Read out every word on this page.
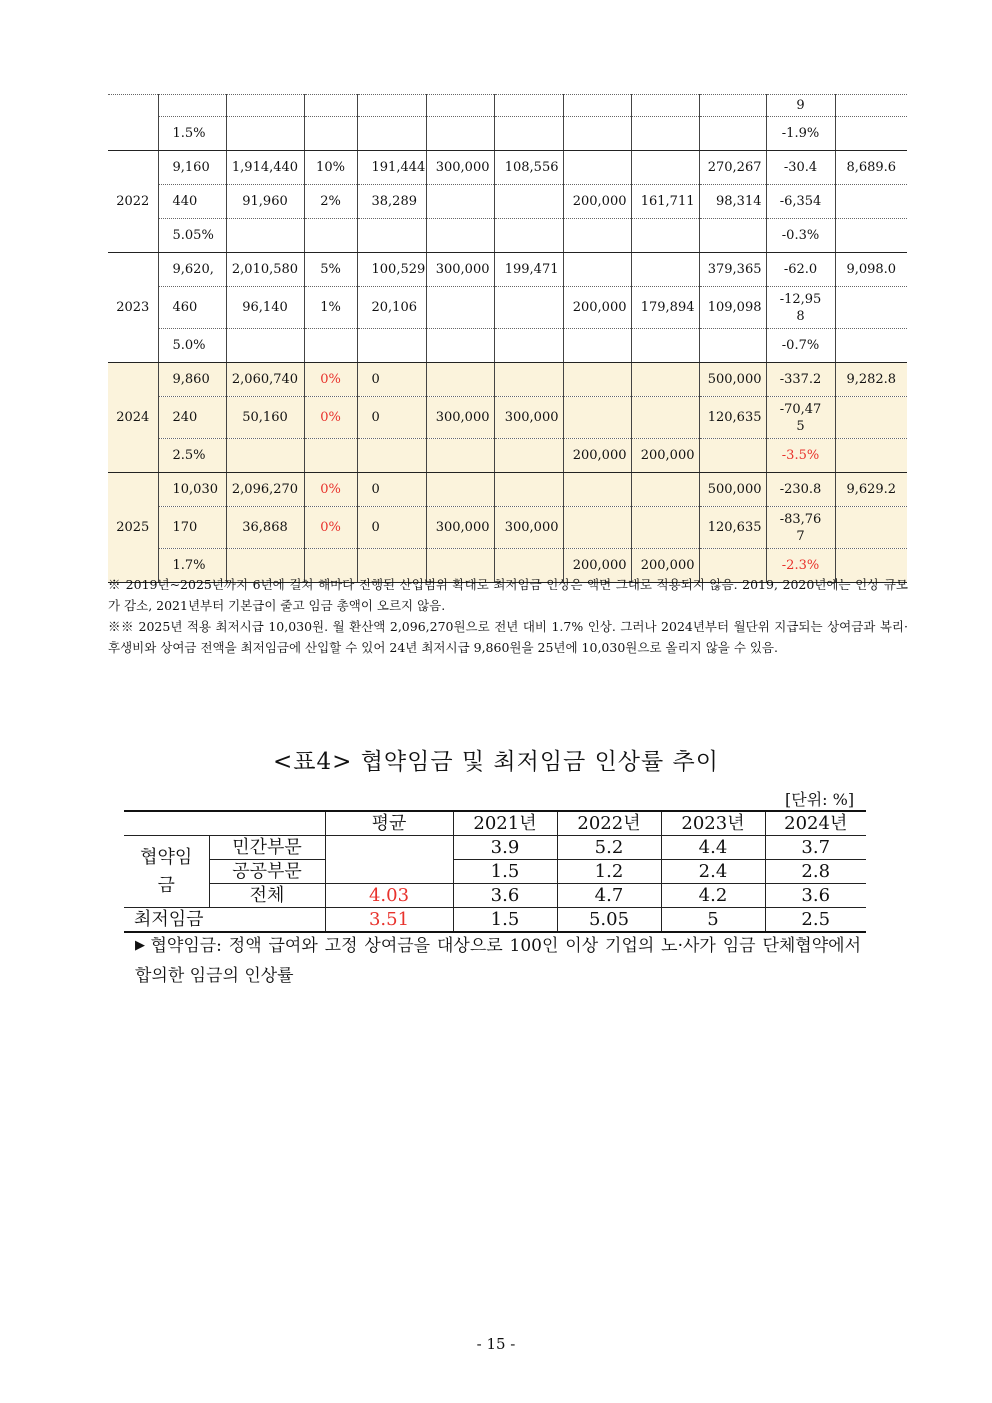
										9	
	1.5%									-1.9%	
2022	9,160	1,914,440	10%	191,444	300,000	108,556			270,267	-30.4	8,689.6
	440	91,960	2%	38,289			200,000	161,711	98,314	-6,354	
	5.05%									-0.3%	
2023	9,620,	2,010,580	5%	100,529	300,000	199,471			379,365	-62.0	9,098.0
	460	96,140	1%	20,106			200,000	179,894	109,098	-12,95
8	

	5.0%									-0.7%	
2024	9,860	2,060,740	0%	0					500,000	-337.2	9,282.8
	240	50,160	0%	0	300,000	300,000			120,635	-70,47
5	

	2.5%						200,000	200,000		-3.5%	
2025	10,030	2,096,270	0%	0					500,000	-230.8	9,629.2
	170	36,868	0%	0	300,000	300,000			120,635	-83,76
7	

	1.7%						200,000	200,000		-2.3%	

※ 2019년~2025년까지 6년에 걸쳐 해마다 진행된 산입범위 확대로 최저임금 인상은 액면 그대로 적용되지 않음. 2019, 2020년에는 인상 규모가 감소, 2021년부터 기본급이 줄고 임금 총액이 오르지 않음.

※※ 2025년 적용 최저시급 10,030원. 월 환산액 2,096,270원으로 전년 대비 1.7% 인상. 그러나 2024년부터 월단위 지급되는 상여금과 복리·후생비와 상여금 전액을 최저임금에 산입할 수 있어 24년 최저시급 9,860원을 25년에 10,030원으로 올리지 않을 수 있음.

<표4> 협약임금 및 최저임금 인상률 추이
[단위: %]
		평균	2021년	2022년	2023년	2024년
협약임
금	민간부문		3.9	5.2	4.4	3.7
	공공부문		1.5	1.2	2.4	2.8
	전체	4.03	3.6	4.7	4.2	3.6
최저임금		3.51	1.5	5.05	5	2.5
▶ 협약임금: 정액 급여와 고정 상여금을 대상으로 100인 이상 기업의 노·사가 임금 단체협약에서 합의한 임금의 인상률
- 15 -
